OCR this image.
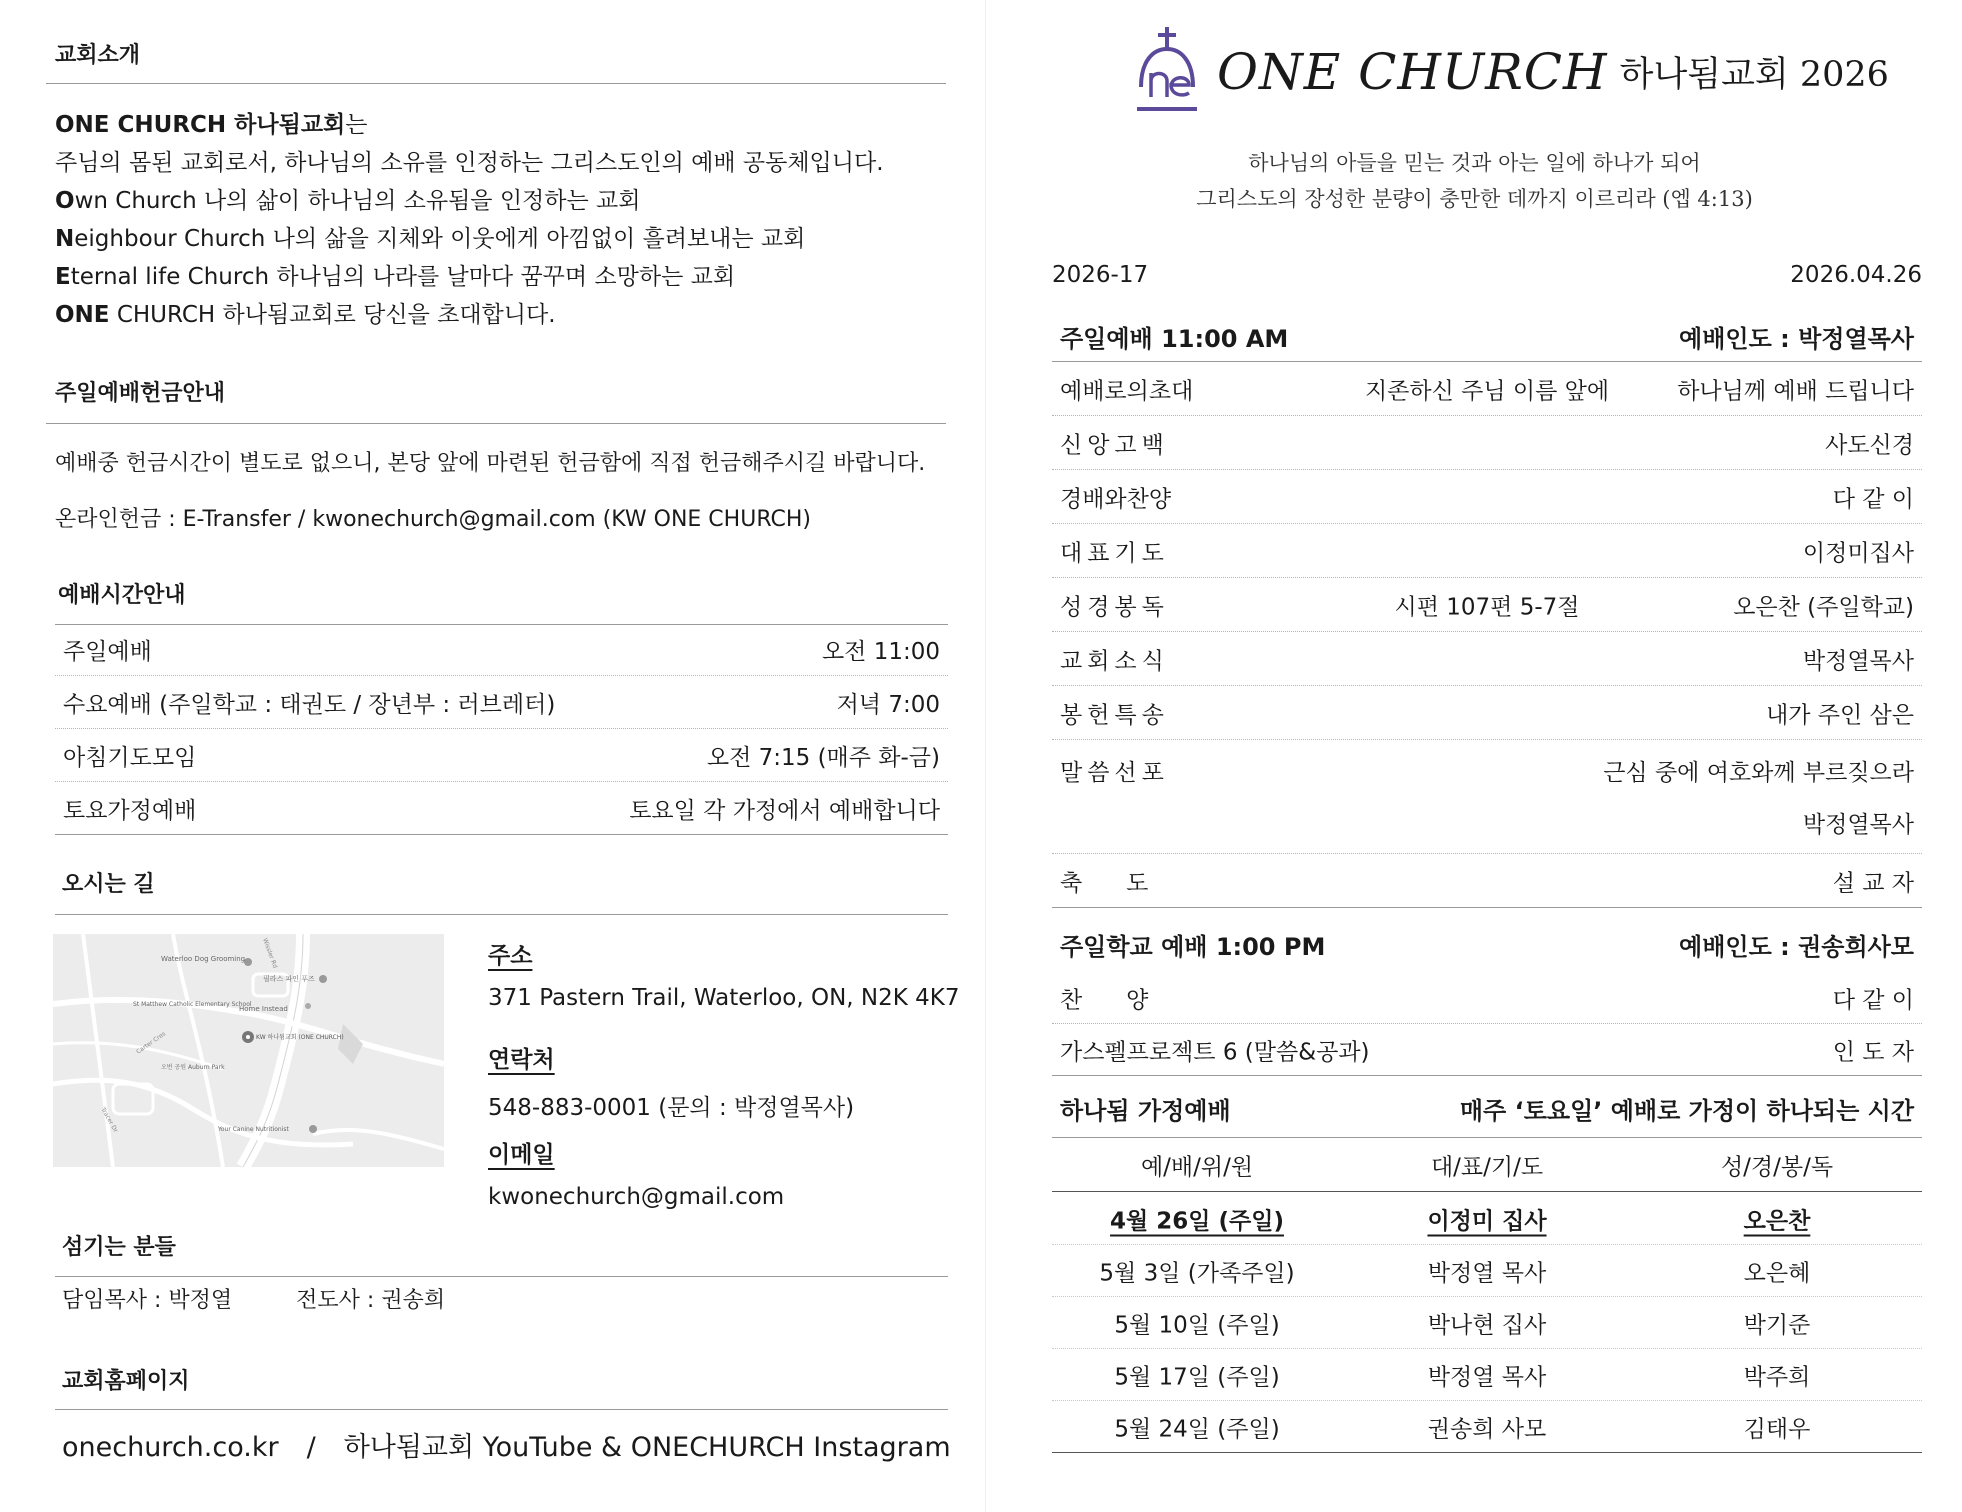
교회소개
ONE CHURCH 하나됨교회는
주님의 몸된 교회로서, 하나님의 소유를 인정하는 그리스도인의 예배 공동체입니다.
Own Church 나의 삶이 하나님의 소유됨을 인정하는 교회
Neighbour Church 나의 삶을 지체와 이웃에게 아낌없이 흘려보내는 교회
Eternal life Church 하나님의 나라를 날마다 꿈꾸며 소망하는 교회
ONE CHURCH 하나됨교회로 당신을 초대합니다.
주일예배헌금안내
예배중 헌금시간이 별도로 없으니, 본당 앞에 마련된 헌금함에 직접 헌금해주시길 바랍니다.
온라인헌금 : E-Transfer / kwonechurch@gmail.com (KW ONE CHURCH)
예배시간안내
주일예배	오전 11:00
수요예배 (주일학교 : 태권도 / 장년부 : 러브레터)	저녁 7:00
아침기도모임	오전 7:15 (매주 화-금)
토요가정예배	토요일 각 가정에서 예배합니다
오시는 길
Waterloo Dog Grooming
필라스 파인 푸즈
St Matthew Catholic Elementary School
Home Instead
KW 하나됨교회 (ONE CHURCH)
오번 공원 Auburn Park
Your Canine Nutritionist
Wissler Rd
Carter Cres
Tracer Dr
주소
371 Pastern Trail, Waterloo, ON, N2K 4K7
연락처
548-883-0001 (문의 : 박정열목사)
이메일
kwonechurch@gmail.com
섬기는 분들
담임목사 : 박정열	전도사 : 권송희
교회홈페이지
onechurch.co.kr / 하나됨교회 YouTube & ONECHURCH Instagram
ONE CHURCH 하나됨교회 2026
하나님의 아들을 믿는 것과 아는 일에 하나가 되어
그리스도의 장성한 분량이 충만한 데까지 이르리라 (엡 4:13)
2026-17	2026.04.26
주일예배 11:00 AM	예배인도 : 박정열목사
예배로의초대	지존하신 주님 이름 앞에	하나님께 예배 드립니다
신앙고백	사도신경
경배와찬양	다 같 이
대표기도	이정미집사
성경봉독	시편 107편 5-7절	오은찬 (주일학교)
교회소식	박정열목사
봉헌특송	내가 주인 삼은
말씀선포	근심 중에 여호와께 부르짖으라
박정열목사
축      도	설 교 자
주일학교 예배 1:00 PM	예배인도 : 권송희사모
찬      양	다 같 이
가스펠프로젝트 6 (말씀&공과)	인 도 자
하나됨 가정예배	매주 ‘토요일’ 예배로 가정이 하나되는 시간
예/배/위/원	대/표/기/도	성/경/봉/독
4월 26일 (주일)	이정미 집사	오은찬
5월 3일 (가족주일)	박정열 목사	오은혜
5월 10일 (주일)	박나현 집사	박기준
5월 17일 (주일)	박정열 목사	박주희
5월 24일 (주일)	권송희 사모	김태우
